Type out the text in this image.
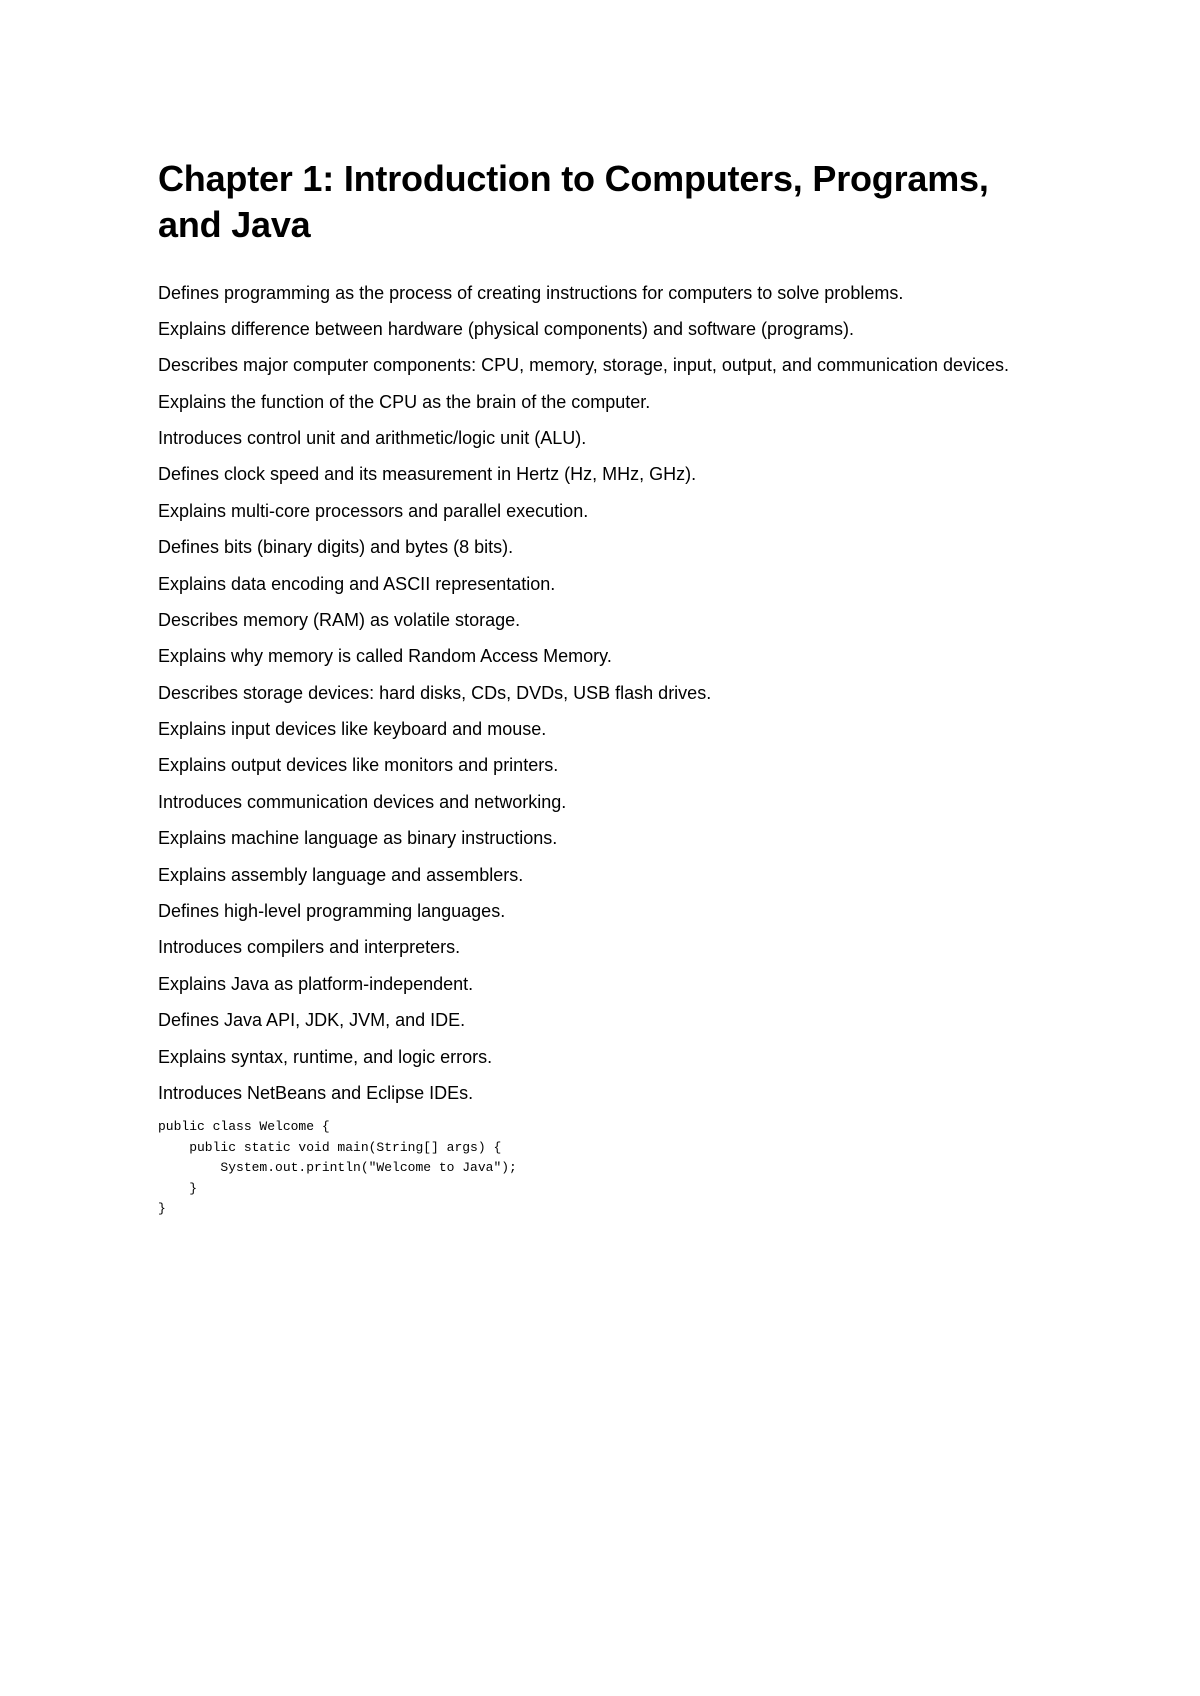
Chapter 1: Introduction to Computers, Programs, and Java
Defines programming as the process of creating instructions for computers to solve problems.
Explains difference between hardware (physical components) and software (programs).
Describes major computer components: CPU, memory, storage, input, output, and communication devices.
Explains the function of the CPU as the brain of the computer.
Introduces control unit and arithmetic/logic unit (ALU).
Defines clock speed and its measurement in Hertz (Hz, MHz, GHz).
Explains multi-core processors and parallel execution.
Defines bits (binary digits) and bytes (8 bits).
Explains data encoding and ASCII representation.
Describes memory (RAM) as volatile storage.
Explains why memory is called Random Access Memory.
Describes storage devices: hard disks, CDs, DVDs, USB flash drives.
Explains input devices like keyboard and mouse.
Explains output devices like monitors and printers.
Introduces communication devices and networking.
Explains machine language as binary instructions.
Explains assembly language and assemblers.
Defines high-level programming languages.
Introduces compilers and interpreters.
Explains Java as platform-independent.
Defines Java API, JDK, JVM, and IDE.
Explains syntax, runtime, and logic errors.
Introduces NetBeans and Eclipse IDEs.
public class Welcome {
public static void main(String[] args) {
System.out.println("Welcome to Java");
}
}
